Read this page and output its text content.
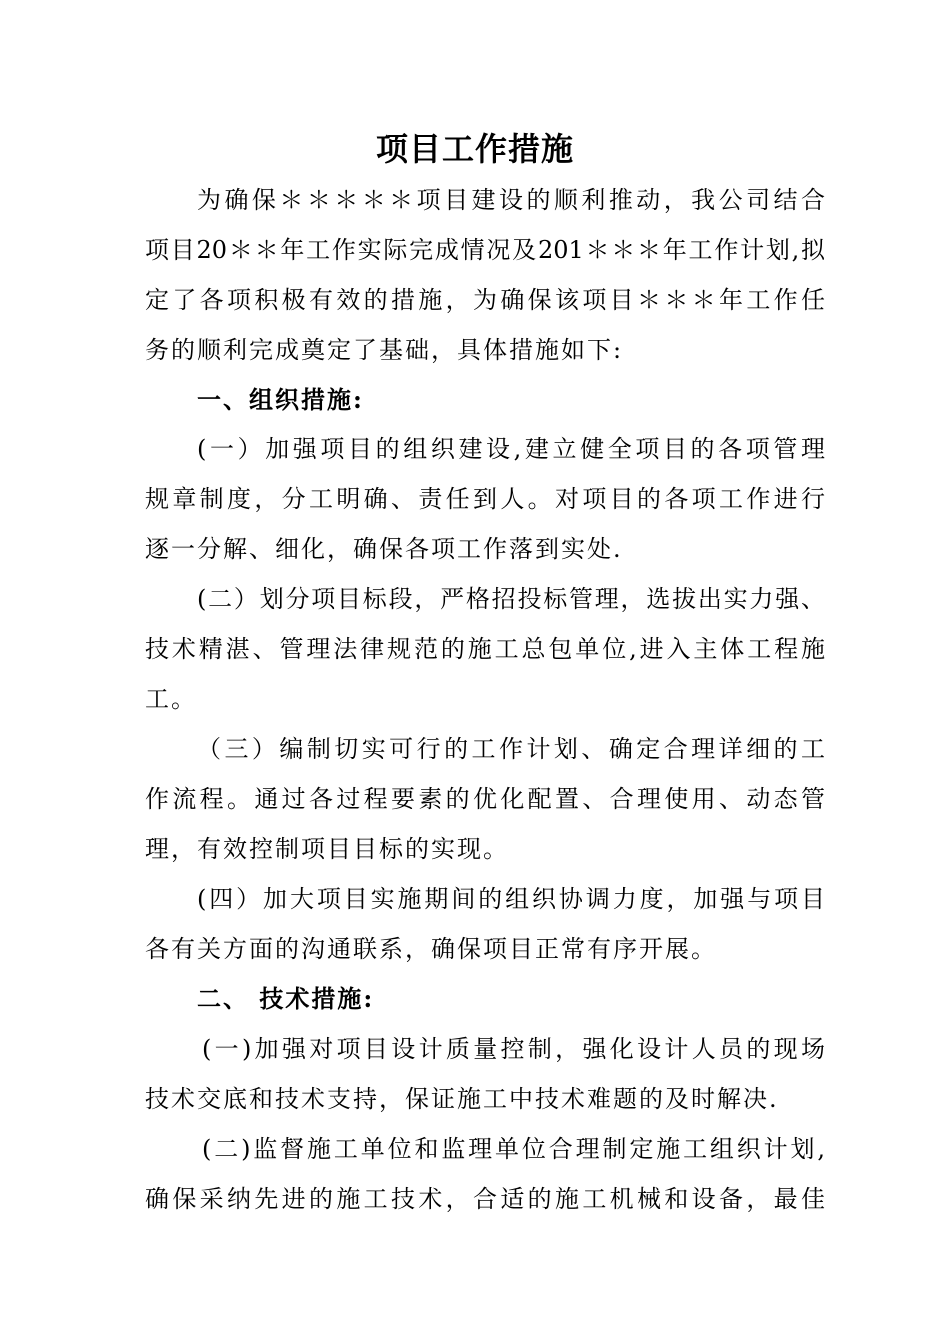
项目工作措施
为确保＊＊＊＊＊项目建设的顺利推动，我公司结合
项目20＊＊年工作实际完成情况及201＊＊＊年工作计划,拟
定了各项积极有效的措施，为确保该项目＊＊＊年工作任
务的顺利完成奠定了基础，具体措施如下:
一、组织措施:
(一）加强项目的组织建设,建立健全项目的各项管理
规章制度，分工明确、责任到人。对项目的各项工作进行
逐一分解、细化，确保各项工作落到实处.
(二）划分项目标段，严格招投标管理，选拔出实力强、
技术精湛、管理法律规范的施工总包单位,进入主体工程施
工。
（三）编制切实可行的工作计划、确定合理详细的工
作流程。通过各过程要素的优化配置、合理使用、动态管
理，有效控制项目目标的实现。
(四）加大项目实施期间的组织协调力度，加强与项目
各有关方面的沟通联系，确保项目正常有序开展。
二、 技术措施:
(一)加强对项目设计质量控制，强化设计人员的现场
技术交底和技术支持，保证施工中技术难题的及时解决.
(二)监督施工单位和监理单位合理制定施工组织计划,
确保采纳先进的施工技术，合适的施工机械和设备，最佳
